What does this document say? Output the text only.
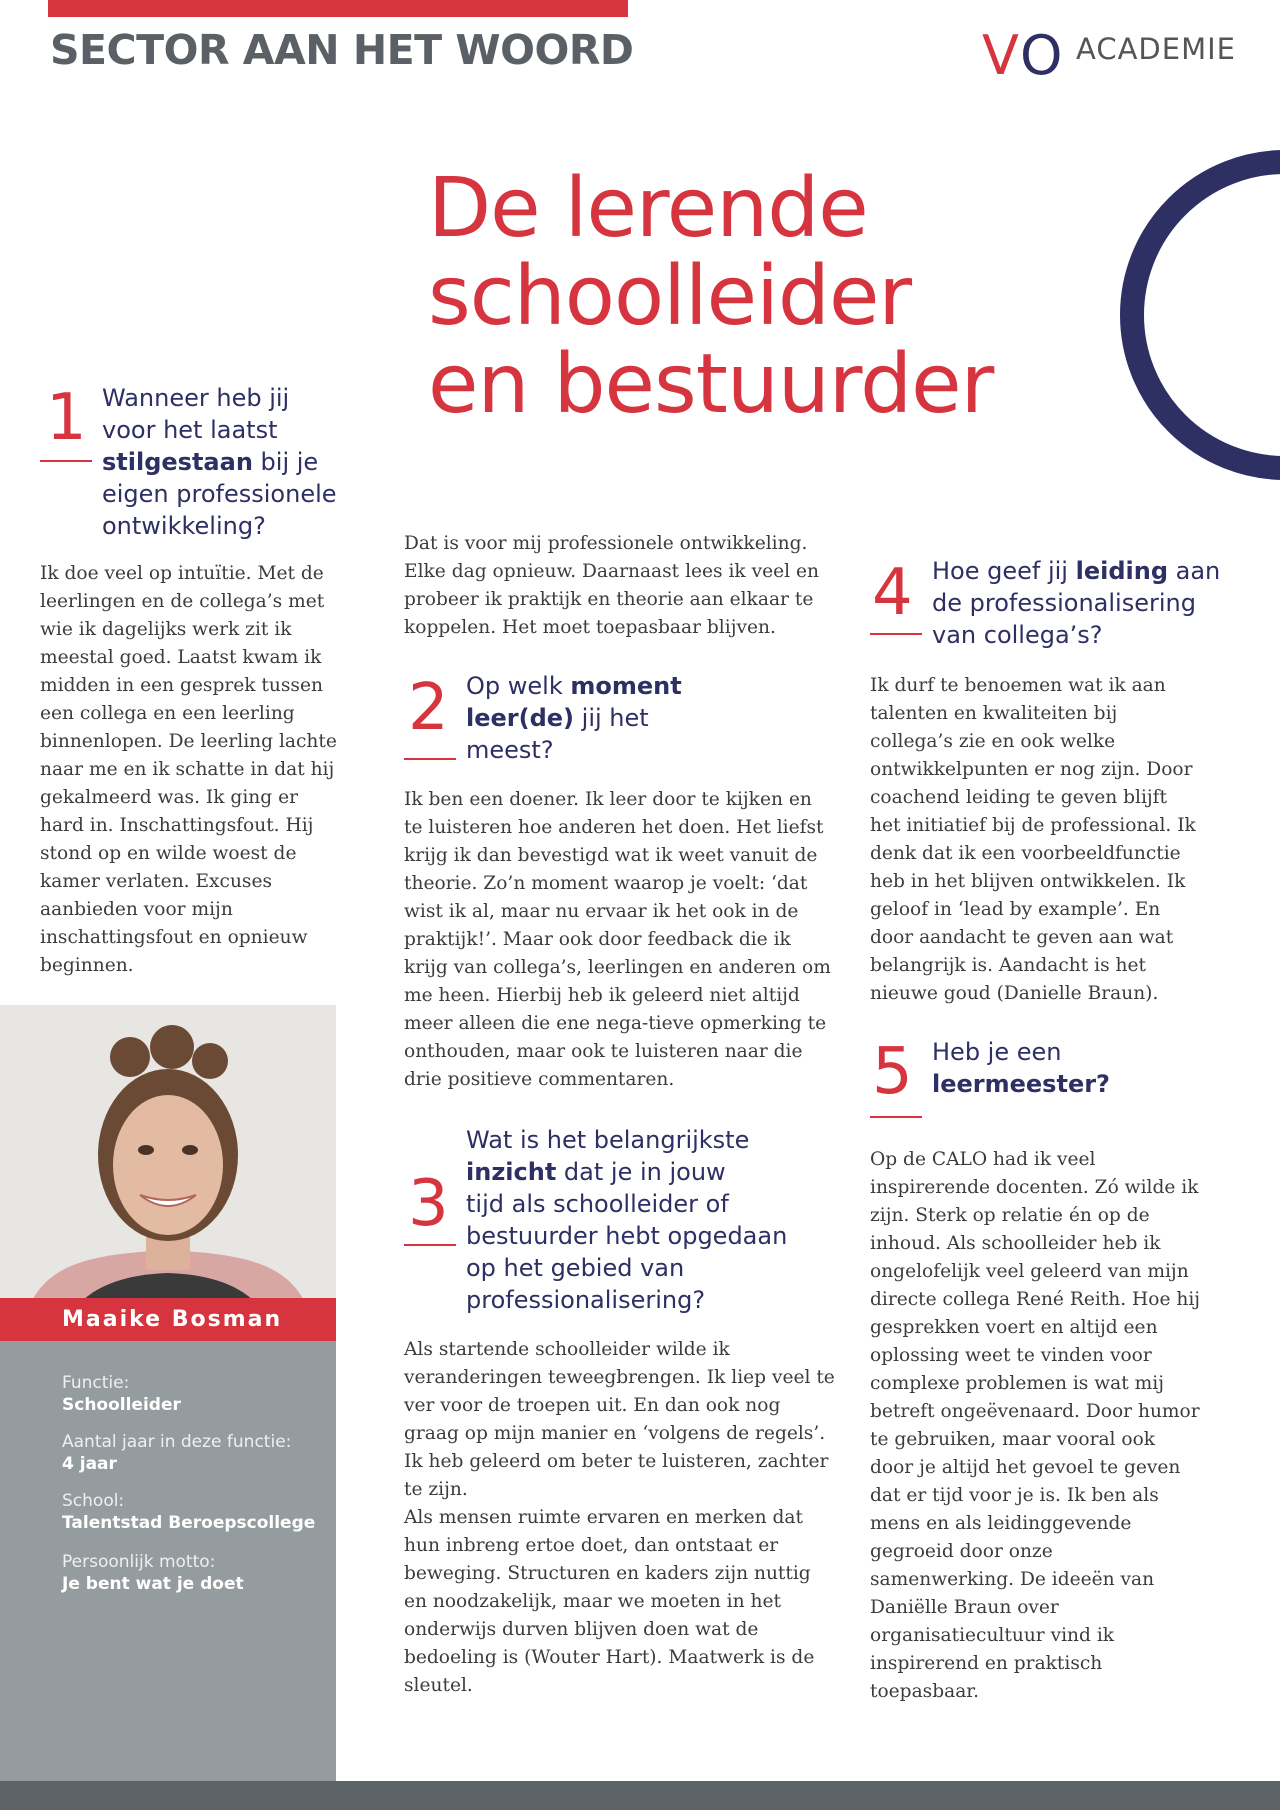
SECTOR AAN HET WOORD	V O ACADEMIE
De lerende
schoolleider
en bestuurder
1 Wanneer heb jij
voor het laatst
stilgestaan bij je
eigen professionele
ontwikkeling?

Ik doe veel op intuïtie. Met de leerlingen en de collega’s met wie ik dagelijks werk zit ik meestal goed. Laatst kwam ik midden in een gesprek tussen een collega en een leerling binnenlopen. De leerling lachte naar me en ik schatte in dat hij gekalmeerd was. Ik ging er hard in. Inschattingsfout. Hij stond op en wilde woest de kamer verlaten. Excuses aanbieden voor mijn inschattingsfout en opnieuw beginnen.

Dat is voor mij professionele ontwikkeling. Elke dag opnieuw. Daarnaast lees ik veel en probeer ik praktijk en theorie aan elkaar te koppelen. Het moet toepasbaar blijven.

2 Op welk moment
leer(de) jij het
meest?

Ik ben een doener. Ik leer door te kijken en te luisteren hoe anderen het doen. Het liefst krijg ik dan bevestigd wat ik weet vanuit de theorie. Zo’n moment waarop je voelt: ‘dat wist ik al, maar nu ervaar ik het ook in de praktijk!’. Maar ook door feedback die ik krijg van collega’s, leerlingen en anderen om me heen. Hierbij heb ik geleerd niet altijd meer alleen die ene nega-tieve opmerking te onthouden, maar ook te luisteren naar die drie positieve commentaren.

3
Wat is het belangrijkste
inzicht dat je in jouw
tijd als schoolleider of
bestuurder hebt opgedaan
op het gebied van
professionalisering?

Als startende schoolleider wilde ik veranderingen teweegbrengen. Ik liep veel te ver voor de troepen uit. En dan ook nog graag op mijn manier en ‘volgens de regels’. Ik heb geleerd om beter te luisteren, zachter te zijn.

Als mensen ruimte ervaren en merken dat hun inbreng ertoe doet, dan ontstaat er beweging. Structuren en kaders zijn nuttig en noodzakelijk, maar we moeten in het onderwijs durven blijven doen wat de bedoeling is (Wouter Hart). Maatwerk is de sleutel.

4 Hoe geef jij leiding aan
de professionalisering
van collega’s?

Ik durf te benoemen wat ik aan talenten en kwaliteiten bij collega’s zie en ook welke ontwikkelpunten er nog zijn. Door coachend leiding te geven blijft het initiatief bij de professional. Ik denk dat ik een voorbeeldfunctie heb in het blijven ontwikkelen. Ik geloof in ‘lead by example’. En door aandacht te geven aan wat belangrijk is. Aandacht is het nieuwe goud (Danielle Braun).

5 Heb je een
leermeester?

Op de CALO had ik veel inspirerende docenten. Zó wilde ik zijn. Sterk op relatie én op de inhoud. Als schoolleider heb ik ongelofelijk veel geleerd van mijn directe collega René Reith. Hoe hij gesprekken voert en altijd een oplossing weet te vinden voor complexe problemen is wat mij betreft ongeëvenaard. Door humor te gebruiken, maar vooral ook door je altijd het gevoel te geven dat er tijd voor je is. Ik ben als mens en als leidinggevende gegroeid door onze samenwerking. De ideeën van Daniëlle Braun over organisatiecultuur vind ik inspirerend en praktisch toepasbaar.

Maaike Bosman
Functie:
Schoolleider
Aantal jaar in deze functie:
4 jaar
School:
Talentstad Beroepscollege
Persoonlijk motto:
Je bent wat je doet
